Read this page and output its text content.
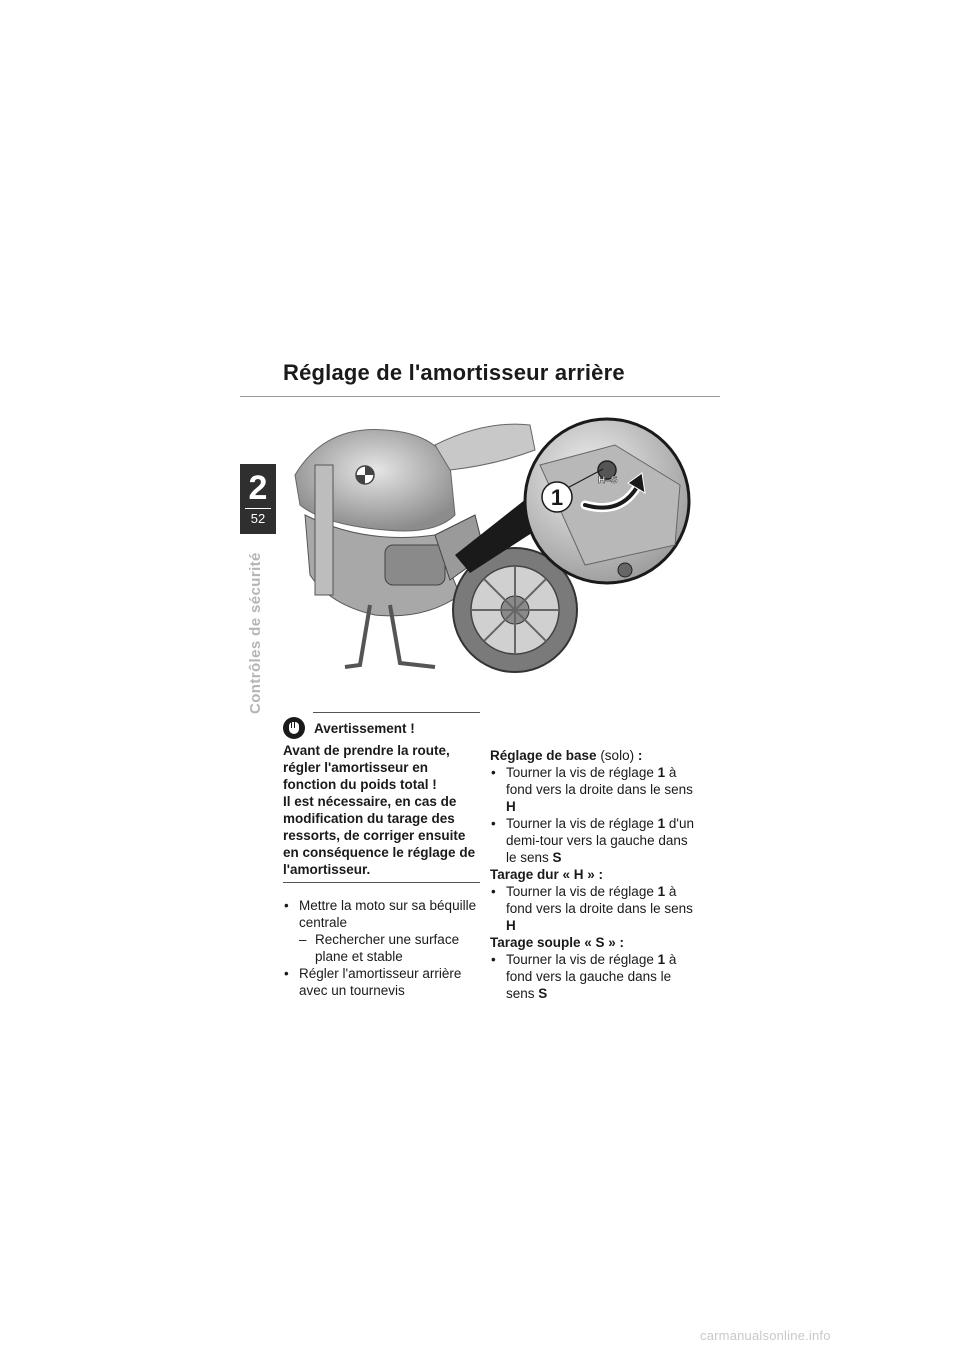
Réglage de l'amortisseur arrière
2
52
Contrôles de sécurité
H–S
1
Avertissement !
Avant de prendre la route, régler l'amortisseur en fonction du poids total !
Il est nécessaire, en cas de modification du tarage des ressorts, de corriger ensuite en conséquence le réglage de l'amortisseur.
• Mettre la moto sur sa béquille centrale
– Rechercher une surface plane et stable
• Régler l'amortisseur arrière avec un tournevis
Réglage de base (solo) :
• Tourner la vis de réglage 1 à fond vers la droite dans le sens H
• Tourner la vis de réglage 1 d'un demi-tour vers la gauche dans le sens S
Tarage dur « H » :
• Tourner la vis de réglage 1 à fond vers la droite dans le sens H
Tarage souple « S » :
• Tourner la vis de réglage 1 à fond vers la gauche dans le sens S
carmanualsonline.info
